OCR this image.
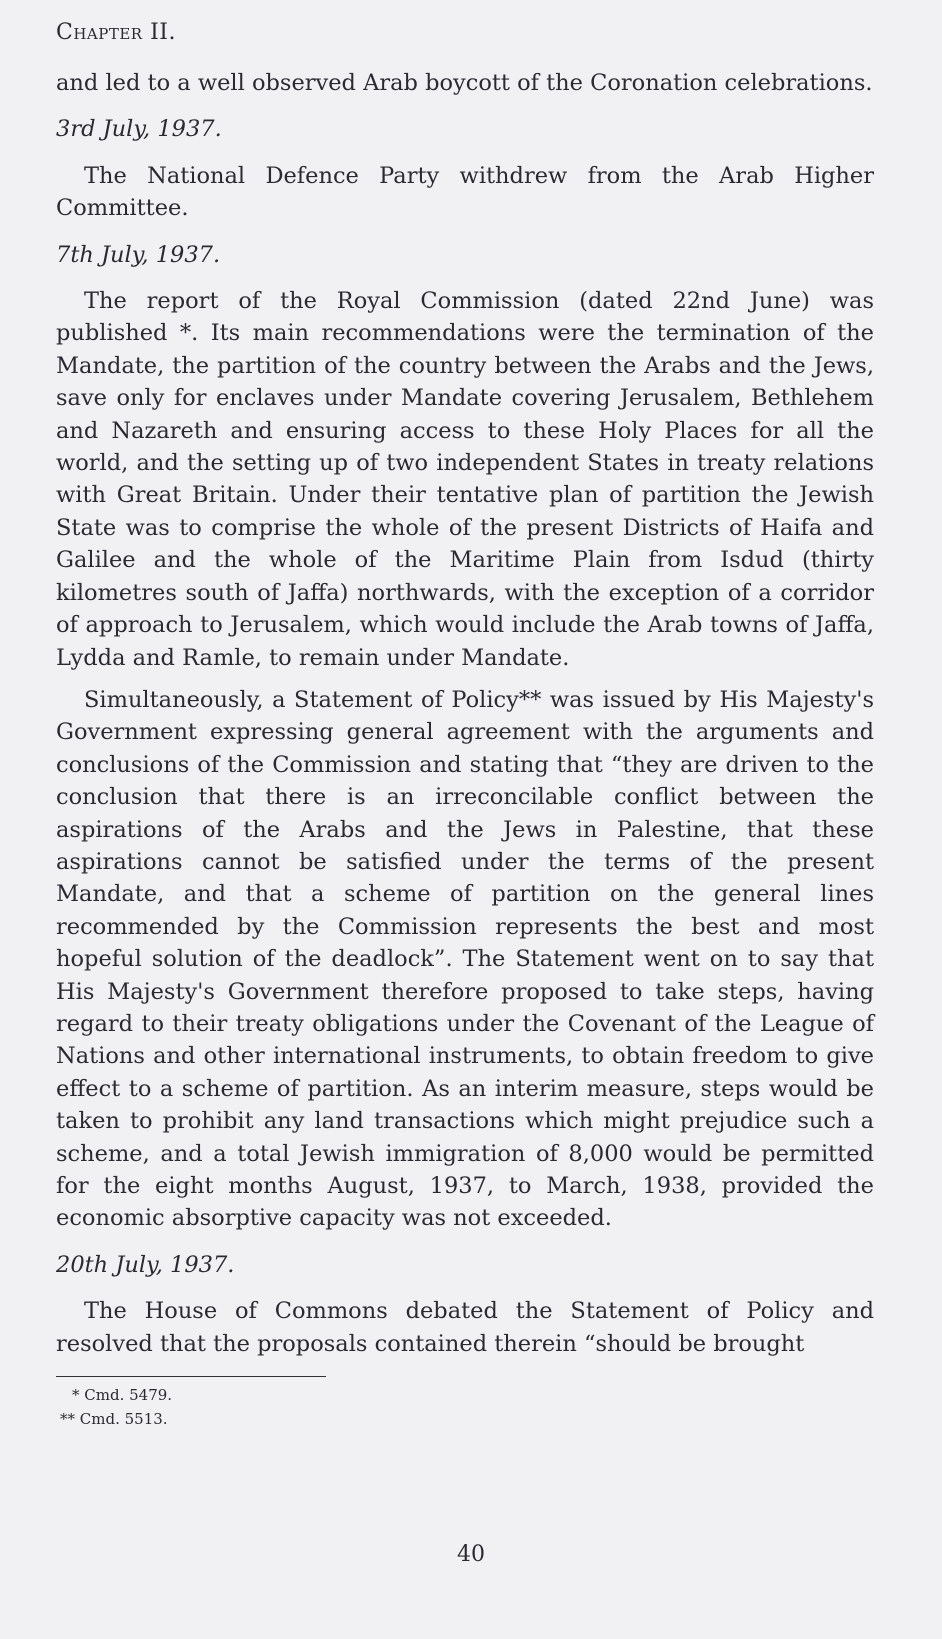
Chapter II.

and led to a well observed Arab boycott of the Coronation celebrations.

3rd July, 1937.

The National Defence Party withdrew from the Arab Higher Committee.

7th July, 1937.

The report of the Royal Commission (dated 22nd June) was published *. Its main recommendations were the termination of the Mandate, the partition of the country between the Arabs and the Jews, save only for enclaves under Mandate covering Jerusalem, Bethlehem and Nazareth and ensuring access to these Holy Places for all the world, and the setting up of two independent States in treaty relations with Great Britain. Under their tentative plan of partition the Jewish State was to comprise the whole of the present Districts of Haifa and Galilee and the whole of the Maritime Plain from Isdud (thirty kilometres south of Jaffa) northwards, with the exception of a corridor of approach to Jerusalem, which would include the Arab towns of Jaffa, Lydda and Ramle, to remain under Mandate.

Simultaneously, a Statement of Policy** was issued by His Majesty's Government expressing general agreement with the arguments and conclusions of the Commission and stating that “they are driven to the conclusion that there is an irreconcilable conflict between the aspirations of the Arabs and the Jews in Palestine, that these aspirations cannot be satisfied under the terms of the present Mandate, and that a scheme of partition on the general lines recommended by the Commission represents the best and most hopeful solution of the deadlock”. The Statement went on to say that His Majesty's Government therefore proposed to take steps, having regard to their treaty obligations under the Covenant of the League of Nations and other international instruments, to obtain freedom to give effect to a scheme of partition. As an interim measure, steps would be taken to prohibit any land transactions which might prejudice such a scheme, and a total Jewish immigration of 8,000 would be permitted for the eight months August, 1937, to March, 1938, provided the economic absorptive capacity was not exceeded.

20th July, 1937.

The House of Commons debated the Statement of Policy and resolved that the proposals contained therein “should be brought

* Cmd. 5479.
** Cmd. 5513.
40
